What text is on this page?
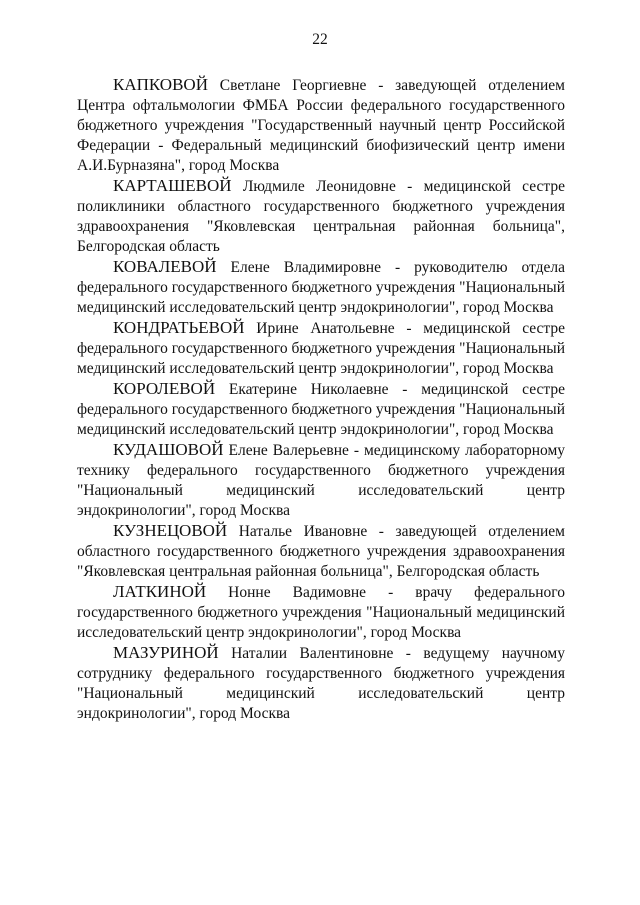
22

КАПКОВОЙ Светлане Георгиевне - заведующей отделением Центра офтальмологии ФМБА России федерального государственного бюджетного учреждения "Государственный научный центр Российской Федерации - Федеральный медицинский биофизический центр имени А.И.Бурназяна", город Москва

КАРТАШЕВОЙ Людмиле Леонидовне - медицинской сестре поликлиники областного государственного бюджетного учреждения здравоохранения "Яковлевская центральная районная больница", Белгородская область

КОВАЛЕВОЙ Елене Владимировне - руководителю отдела федерального государственного бюджетного учреждения "Национальный медицинский исследовательский центр эндокринологии", город Москва

КОНДРАТЬЕВОЙ Ирине Анатольевне - медицинской сестре федерального государственного бюджетного учреждения "Национальный медицинский исследовательский центр эндокринологии", город Москва

КОРОЛЕВОЙ Екатерине Николаевне - медицинской сестре федерального государственного бюджетного учреждения "Национальный медицинский исследовательский центр эндокринологии", город Москва

КУДАШОВОЙ Елене Валерьевне - медицинскому лабораторному технику федерального государственного бюджетного учреждения "Национальный медицинский исследовательский центр эндокринологии", город Москва

КУЗНЕЦОВОЙ Наталье Ивановне - заведующей отделением областного государственного бюджетного учреждения здравоохранения "Яковлевская центральная районная больница", Белгородская область

ЛАТКИНОЙ Нонне Вадимовне - врачу федерального государственного бюджетного учреждения "Национальный медицинский исследовательский центр эндокринологии", город Москва

МАЗУРИНОЙ Наталии Валентиновне - ведущему научному сотруднику федерального государственного бюджетного учреждения "Национальный медицинский исследовательский центр эндокринологии", город Москва
